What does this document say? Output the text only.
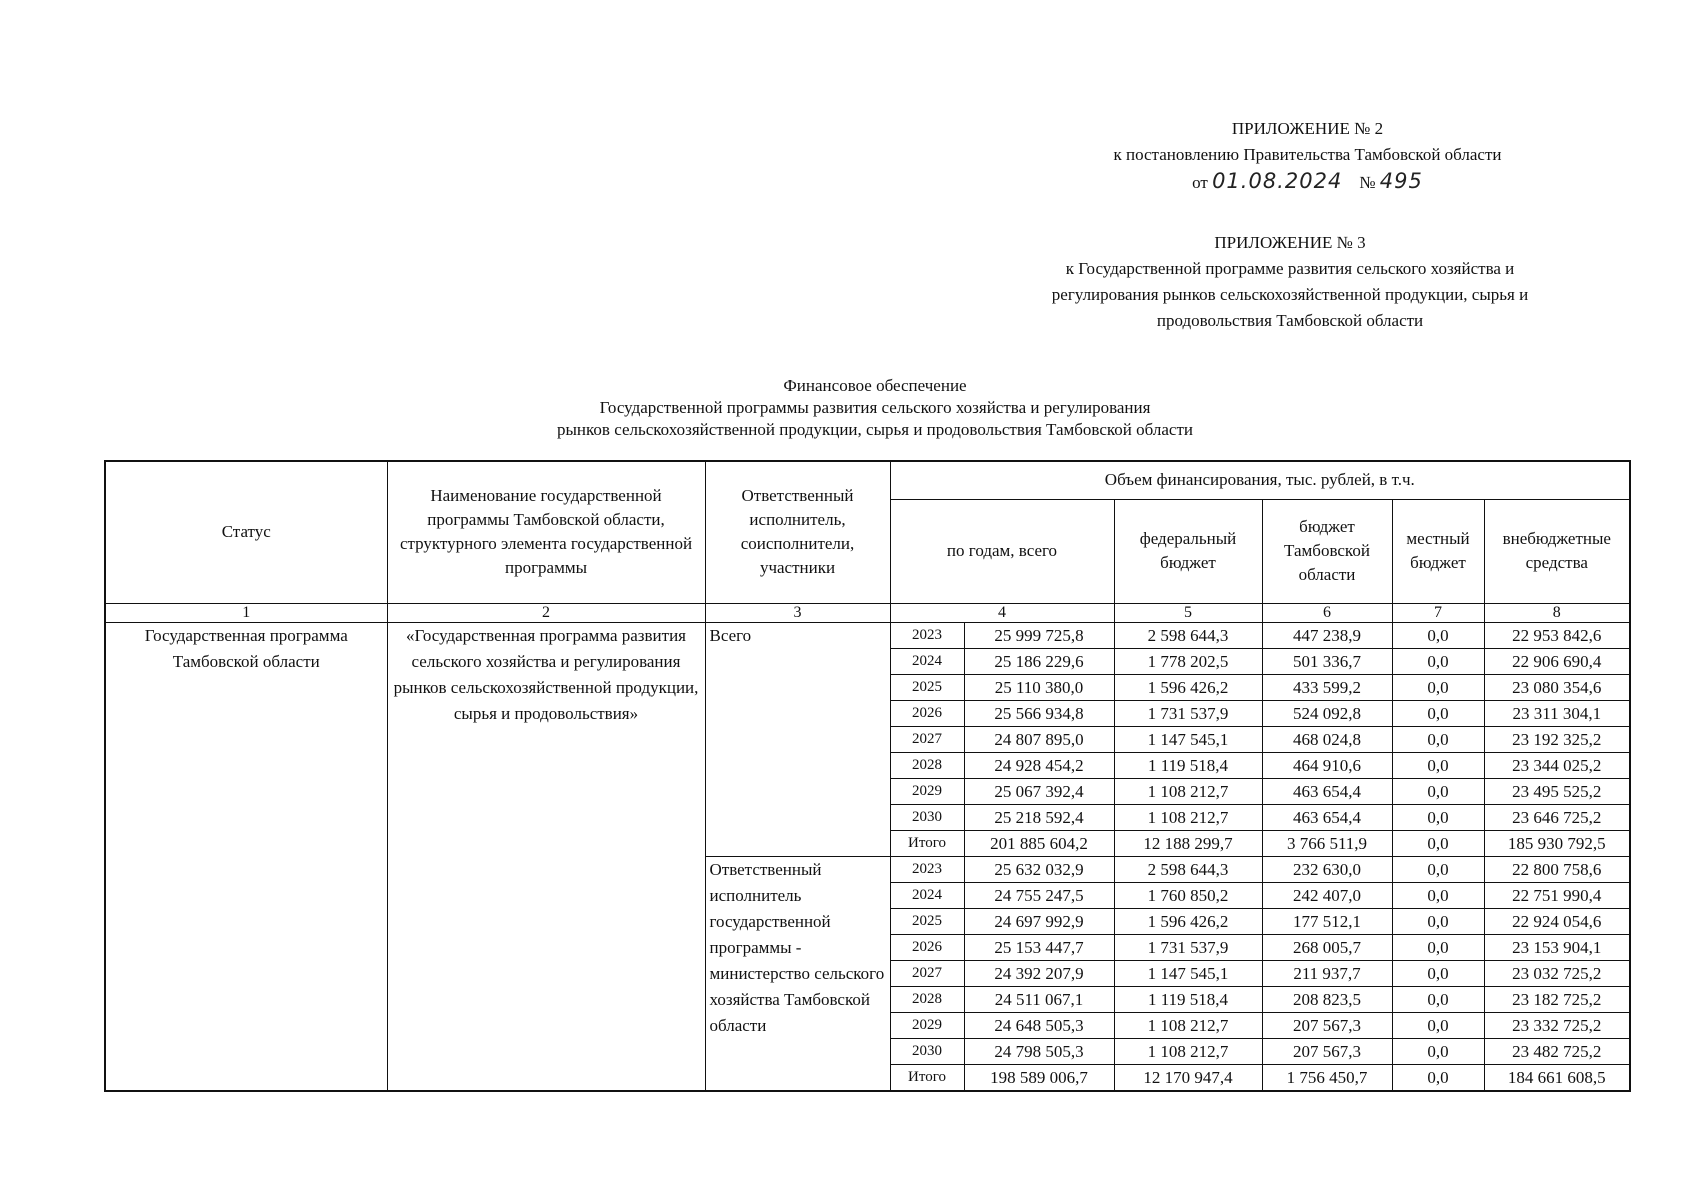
ПРИЛОЖЕНИЕ № 2
к постановлению Правительства Тамбовской области
от 01.08.2024 № 495
ПРИЛОЖЕНИЕ № 3
к Государственной программе развития сельского хозяйства и
регулирования рынков сельскохозяйственной продукции, сырья и
продовольствия Тамбовской области
Финансовое обеспечение
Государственной программы развития сельского хозяйства и регулирования
рынков сельскохозяйственной продукции, сырья и продовольствия Тамбовской области
Статус	Наименование государственной программы Тамбовской области, структурного элемента государственной программы	Ответственный исполнитель, соисполнители, участники	Объем финансирования, тыс. рублей, в т.ч.					
			по годам, всего		федеральный бюджет	бюджет Тамбовской области	местный бюджет	внебюджетные средства
1	2	3	4		5	6	7	8
Государственная программа Тамбовской области	«Государственная программа развития сельского хозяйства и регулирования рынков сельскохозяйственной продукции, сырья и продовольствия»	Всего	2023	25 999 725,8	2 598 644,3	447 238,9	0,0	22 953 842,6
			2024	25 186 229,6	1 778 202,5	501 336,7	0,0	22 906 690,4
			2025	25 110 380,0	1 596 426,2	433 599,2	0,0	23 080 354,6
			2026	25 566 934,8	1 731 537,9	524 092,8	0,0	23 311 304,1
			2027	24 807 895,0	1 147 545,1	468 024,8	0,0	23 192 325,2
			2028	24 928 454,2	1 119 518,4	464 910,6	0,0	23 344 025,2
			2029	25 067 392,4	1 108 212,7	463 654,4	0,0	23 495 525,2
			2030	25 218 592,4	1 108 212,7	463 654,4	0,0	23 646 725,2
			Итого	201 885 604,2	12 188 299,7	3 766 511,9	0,0	185 930 792,5
		Ответственный исполнитель государственной программы - министерство сельского хозяйства Тамбовской области	2023	25 632 032,9	2 598 644,3	232 630,0	0,0	22 800 758,6
			2024	24 755 247,5	1 760 850,2	242 407,0	0,0	22 751 990,4
			2025	24 697 992,9	1 596 426,2	177 512,1	0,0	22 924 054,6
			2026	25 153 447,7	1 731 537,9	268 005,7	0,0	23 153 904,1
			2027	24 392 207,9	1 147 545,1	211 937,7	0,0	23 032 725,2
			2028	24 511 067,1	1 119 518,4	208 823,5	0,0	23 182 725,2
			2029	24 648 505,3	1 108 212,7	207 567,3	0,0	23 332 725,2
			2030	24 798 505,3	1 108 212,7	207 567,3	0,0	23 482 725,2
			Итого	198 589 006,7	12 170 947,4	1 756 450,7	0,0	184 661 608,5
